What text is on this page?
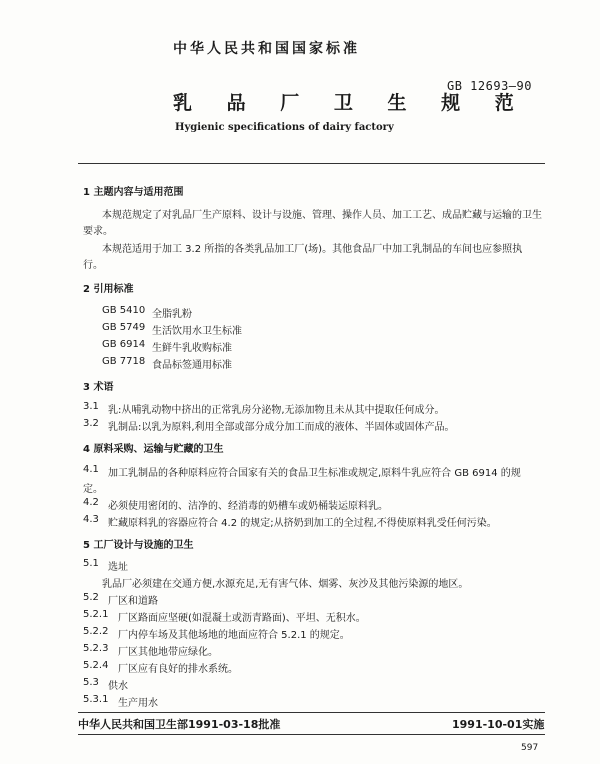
中华人民共和国国家标准
GB 12693—90
乳 品 厂 卫 生 规 范
Hygienic specifications of dairy factory
1 主题内容与适用范围
本规范规定了对乳品厂生产原料、设计与设施、管理、操作人员、加工工艺、成品贮藏与运输的卫生
要求。
本规范适用于加工 3.2 所指的各类乳品加工厂(场)。其他食品厂中加工乳制品的车间也应参照执
行。
2 引用标准
GB 5410 全脂乳粉
GB 5749 生活饮用水卫生标准
GB 6914 生鲜牛乳收购标准
GB 7718 食品标签通用标准
3 术语
3.1 乳:从哺乳动物中挤出的正常乳房分泌物,无添加物且未从其中提取任何成分。
3.2 乳制品:以乳为原料,利用全部或部分成分加工而成的液体、半固体或固体产品。
4 原料采购、运输与贮藏的卫生
4.1 加工乳制品的各种原料应符合国家有关的食品卫生标准或规定,原料牛乳应符合 GB 6914 的规
定。
4.2 必须使用密闭的、洁净的、经消毒的奶槽车或奶桶装运原料乳。
4.3 贮藏原料乳的容器应符合 4.2 的规定;从挤奶到加工的全过程,不得使原料乳受任何污染。
5 工厂设计与设施的卫生
5.1 选址
乳品厂必须建在交通方便,水源充足,无有害气体、烟雾、灰沙及其他污染源的地区。
5.2 厂区和道路
5.2.1 厂区路面应坚硬(如混凝土或沥青路面)、平坦、无积水。
5.2.2 厂内停车场及其他场地的地面应符合 5.2.1 的规定。
5.2.3 厂区其他地带应绿化。
5.2.4 厂区应有良好的排水系统。
5.3 供水
5.3.1 生产用水
中华人民共和国卫生部1991-03-18批准	1991-10-01实施
597
